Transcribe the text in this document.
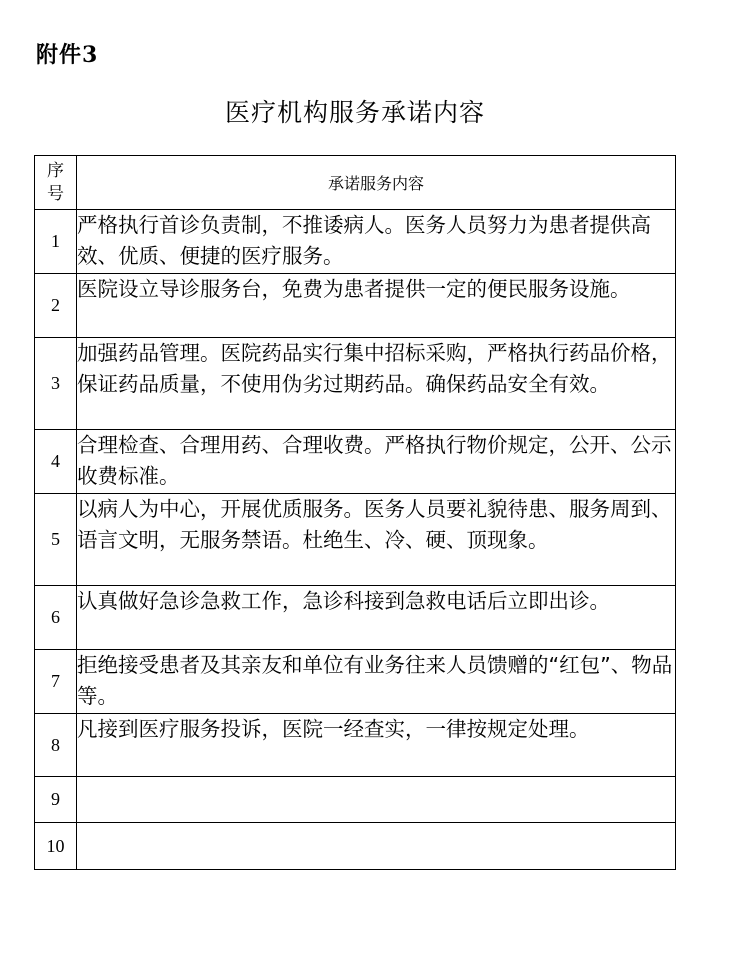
附件3
医疗机构服务承诺内容
序号	承诺服务内容
1	严格执行首诊负责制，不推诿病人。医务人员努力为患者提供高效、优质、便捷的医疗服务。
2	医院设立导诊服务台，免费为患者提供一定的便民服务设施。
3	加强药品管理。医院药品实行集中招标采购，严格执行药品价格，保证药品质量，不使用伪劣过期药品。确保药品安全有效。
4	合理检查、合理用药、合理收费。严格执行物价规定，公开、公示收费标准。
5	以病人为中心，开展优质服务。医务人员要礼貌待患、服务周到、语言文明，无服务禁语。杜绝生、冷、硬、顶现象。
6	认真做好急诊急救工作，急诊科接到急救电话后立即出诊。
7	拒绝接受患者及其亲友和单位有业务往来人员馈赠的“红包”、物品等。
8	凡接到医疗服务投诉，医院一经查实，一律按规定处理。
9	
10	
